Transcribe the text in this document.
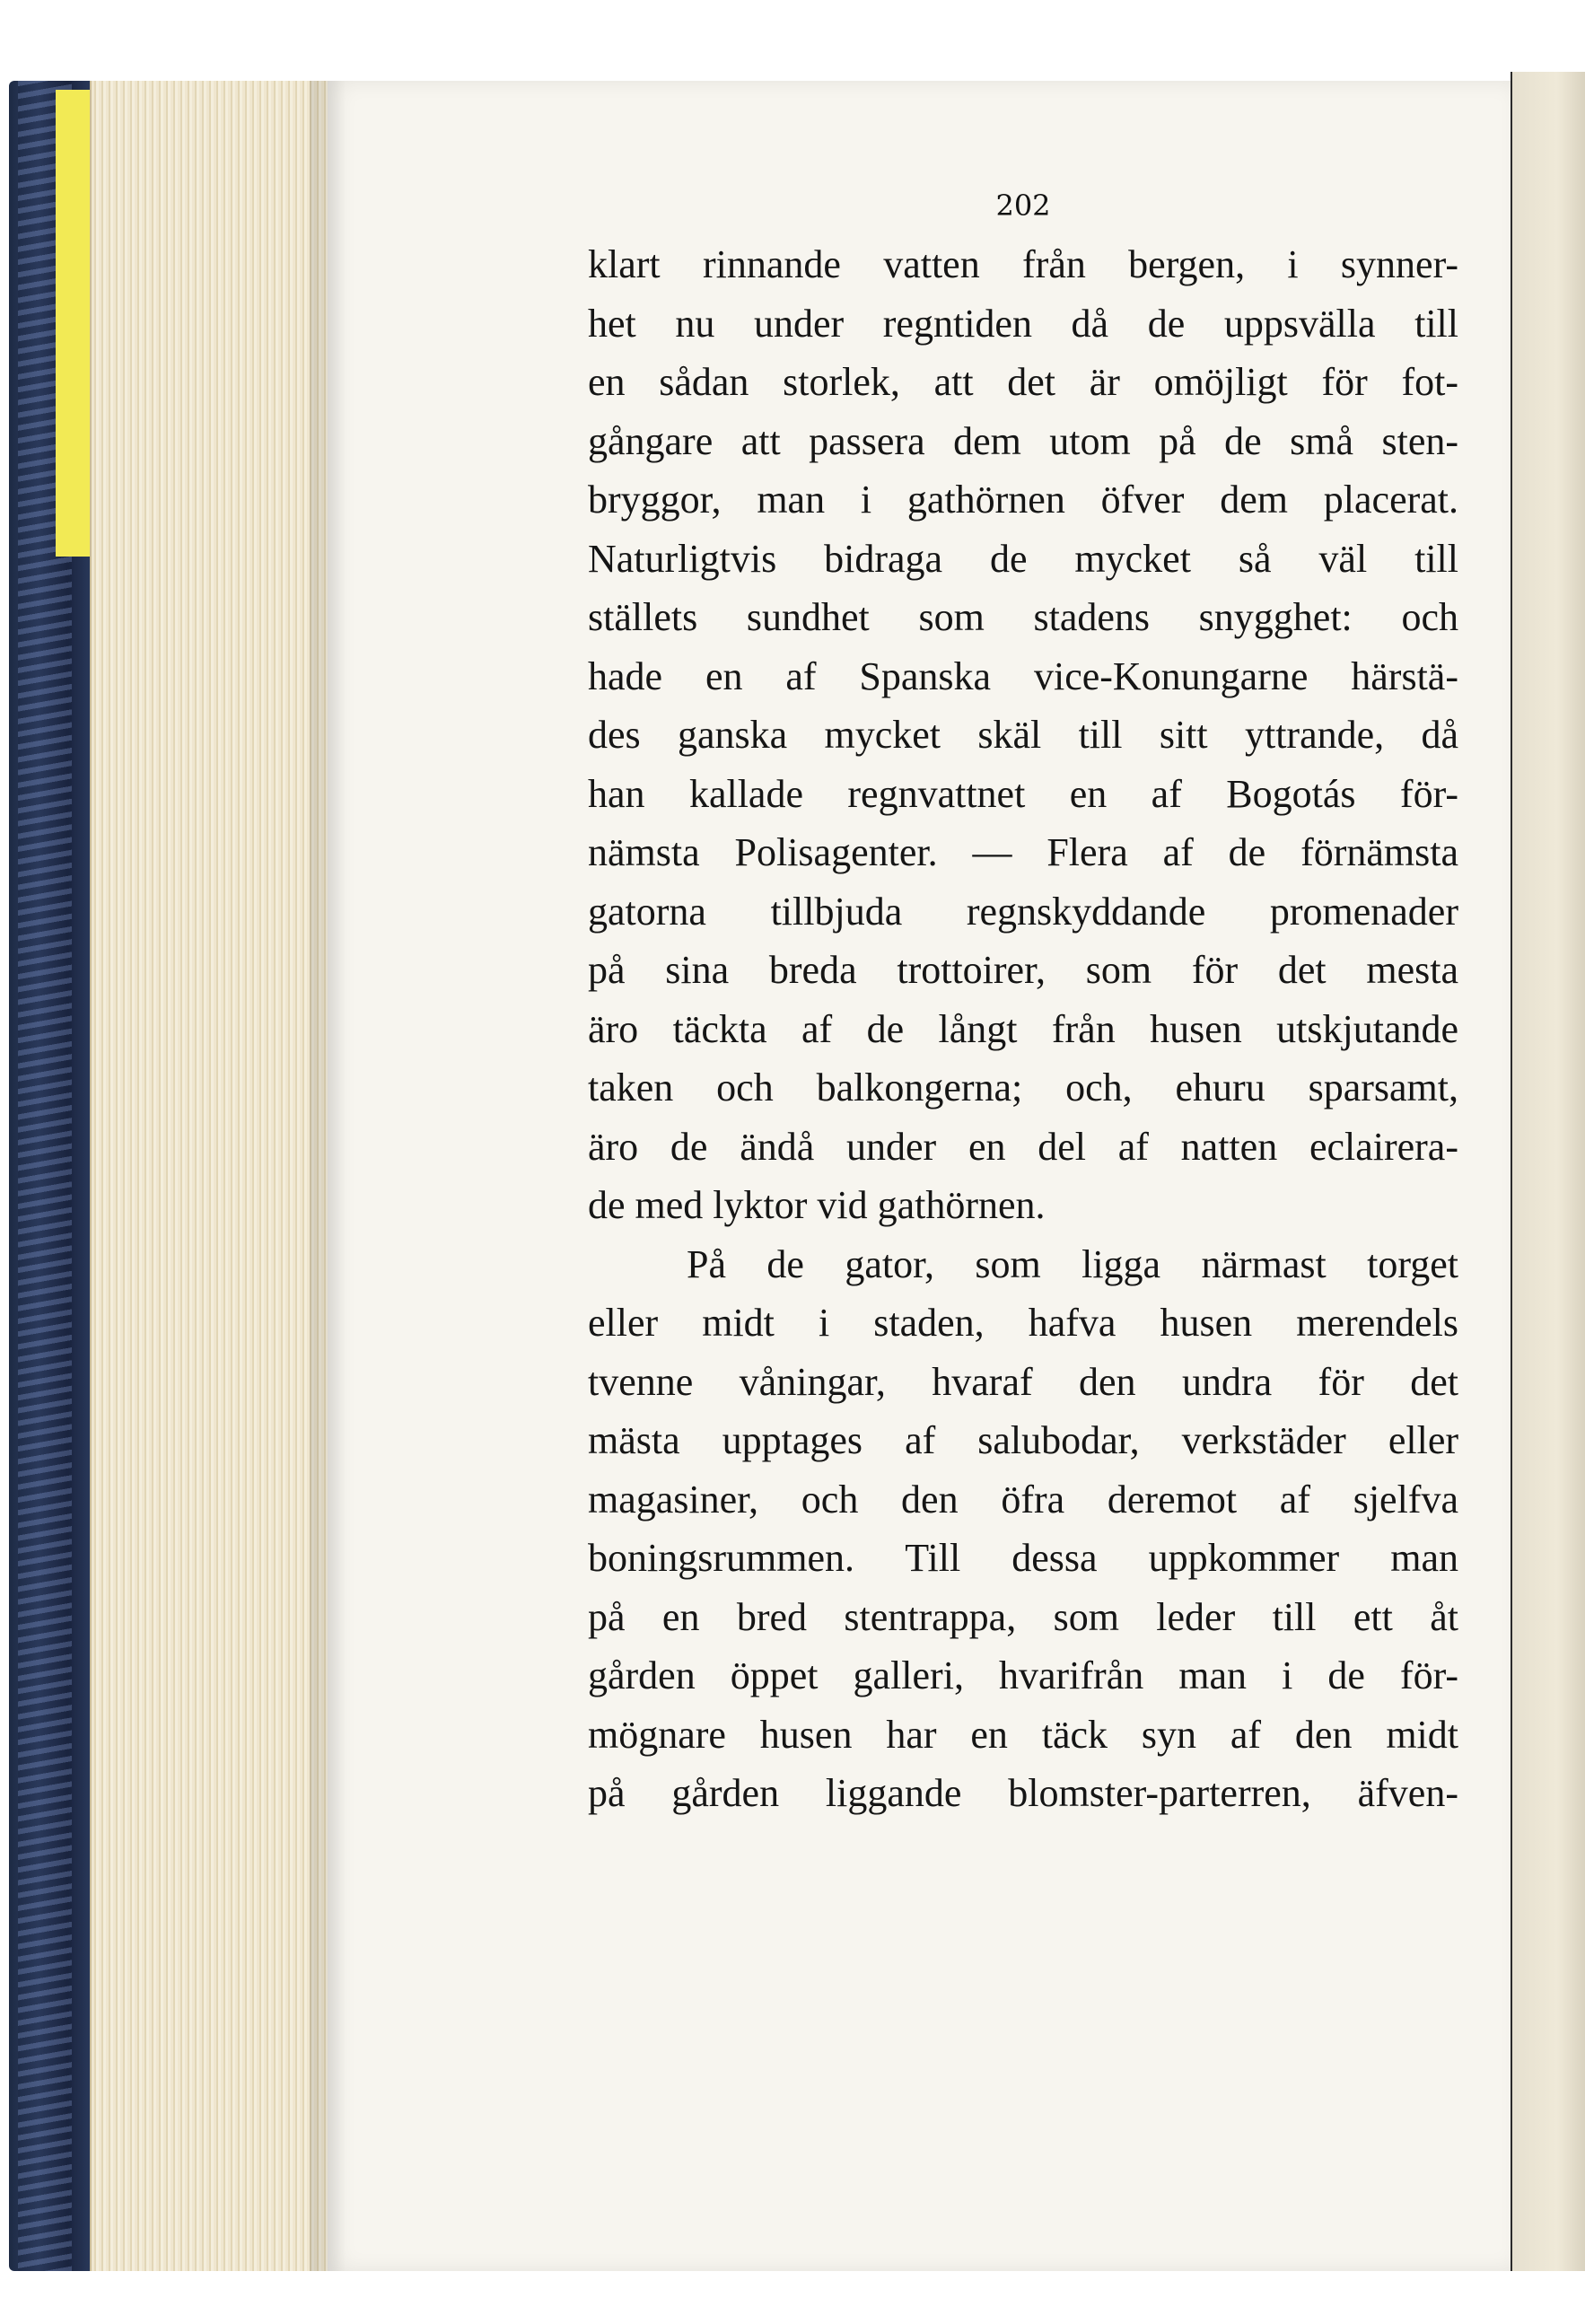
202
klart rinnande vatten från bergen, i synner-
het nu under regntiden då de uppsvälla till
en sådan storlek, att det är omöjligt för fot-
gångare att passera dem utom på de små sten-
bryggor, man i gathörnen öfver dem placerat.
Naturligtvis bidraga de mycket så väl till
ställets sundhet som stadens snygghet: och
hade en af Spanska vice-Konungarne härstä-
des ganska mycket skäl till sitt yttrande, då
han kallade regnvattnet en af Bogotás för-
nämsta Polisagenter. — Flera af de förnämsta
gatorna tillbjuda regnskyddande promenader
på sina breda trottoirer, som för det mesta
äro täckta af de långt från husen utskjutande
taken och balkongerna; och, ehuru sparsamt,
äro de ändå under en del af natten eclairera-
de med lyktor vid gathörnen.
På de gator, som ligga närmast torget
eller midt i staden, hafva husen merendels
tvenne våningar, hvaraf den undra för det
mästa upptages af salubodar, verkstäder eller
magasiner, och den öfra deremot af sjelfva
boningsrummen. Till dessa uppkommer man
på en bred stentrappa, som leder till ett åt
gården öppet galleri, hvarifrån man i de för-
mögnare husen har en täck syn af den midt
på gården liggande blomster-parterren, äfven-
